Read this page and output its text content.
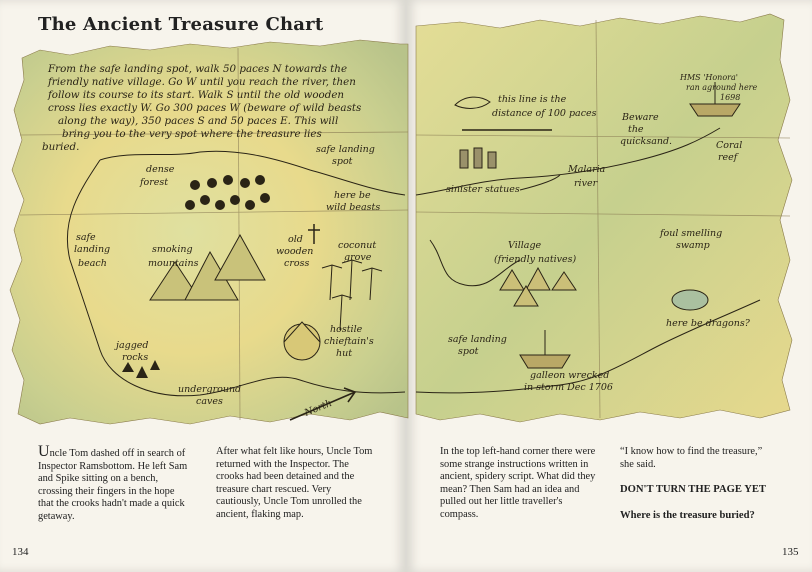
The Ancient Treasure Chart
From the safe landing spot, walk 50 paces N towards the
friendly native village. Go W until you reach the river, then
follow its course to its start. Walk S until the old wooden
cross lies exactly W. Go 300 paces W (beware of wild beasts
along the way), 350 paces S and 50 paces E. This will
bring you to the very spot where the treasure lies
buried.
dense
forest
safe landing
spot
here be
wild beasts
safe
landing
beach
smoking
mountains
old
wooden
cross
coconut
grove
hostile
chieftain's
hut
jagged
rocks
underground
caves	North
this line is the
distance of 100 paces
HMS 'Honora'
ran aground here
1698
Beware
the
quicksand.	Coral
reef
sinister statues
Malaria
river
Village
(friendly natives)
foul smelling
swamp
here be dragons?
safe landing
spot
galleon wrecked
in storm Dec 1706
Uncle Tom dashed off in search of Inspector Ramsbottom. He left Sam and Spike sitting on a bench, crossing their fingers in the hope that the crooks hadn't made a quick getaway.
After what felt like hours, Uncle Tom returned with the Inspector. The crooks had been detained and the treasure chart rescued. Very cautiously, Uncle Tom unrolled the ancient, flaking map.
In the top left-hand corner there were some strange instructions written in ancient, spidery script. What did they mean? Then Sam had an idea and pulled out her little traveller's compass.
“I know how to find the treasure,” she said.
DON'T TURN THE PAGE YET
Where is the treasure buried?
134	135
